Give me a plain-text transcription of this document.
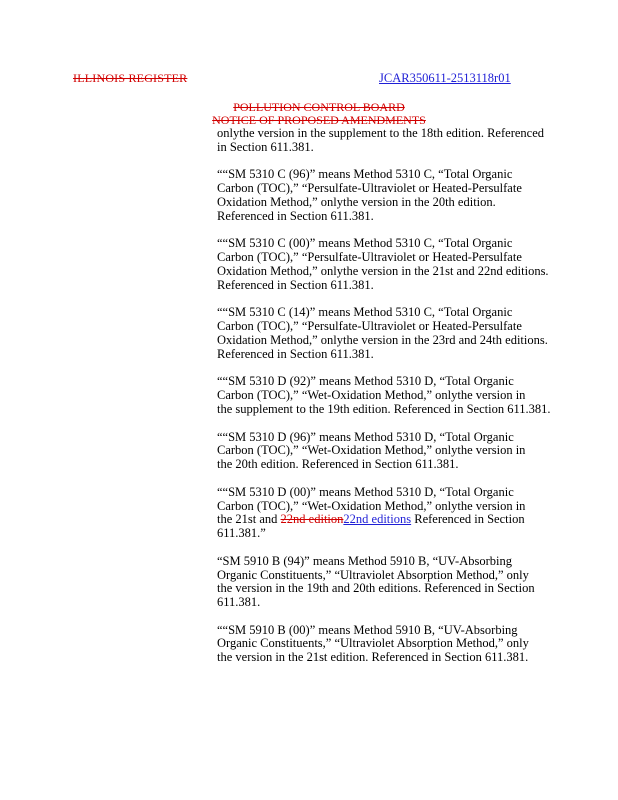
ILLINOIS REGISTER	JCAR350611-2513118r01
POLLUTION CONTROL BOARD
NOTICE OF PROPOSED AMENDMENTS

onlythe version in the supplement to the 18th edition. Referenced
in Section 611.381.

““SM 5310 C (96)” means Method 5310 C, “Total Organic
Carbon (TOC),” “Persulfate-Ultraviolet or Heated-Persulfate
Oxidation Method,” onlythe version in the 20th edition.
Referenced in Section 611.381.

““SM 5310 C (00)” means Method 5310 C, “Total Organic
Carbon (TOC),” “Persulfate-Ultraviolet or Heated-Persulfate
Oxidation Method,” onlythe version in the 21st and 22nd editions.
Referenced in Section 611.381.

““SM 5310 C (14)” means Method 5310 C, “Total Organic
Carbon (TOC),” “Persulfate-Ultraviolet or Heated-Persulfate
Oxidation Method,” onlythe version in the 23rd and 24th editions.
Referenced in Section 611.381.

““SM 5310 D (92)” means Method 5310 D, “Total Organic
Carbon (TOC),” “Wet-Oxidation Method,” onlythe version in
the supplement to the 19th edition. Referenced in Section 611.381.

““SM 5310 D (96)” means Method 5310 D, “Total Organic
Carbon (TOC),” “Wet-Oxidation Method,” onlythe version in
the 20th edition. Referenced in Section 611.381.

““SM 5310 D (00)” means Method 5310 D, “Total Organic
Carbon (TOC),” “Wet-Oxidation Method,” onlythe version in
the 21st and 22nd edition22nd editions Referenced in Section
611.381.”

“SM 5910 B (94)” means Method 5910 B, “UV-Absorbing
Organic Constituents,” “Ultraviolet Absorption Method,” only
the version in the 19th and 20th editions. Referenced in Section
611.381.

““SM 5910 B (00)” means Method 5910 B, “UV-Absorbing
Organic Constituents,” “Ultraviolet Absorption Method,” only
the version in the 21st edition. Referenced in Section 611.381.
